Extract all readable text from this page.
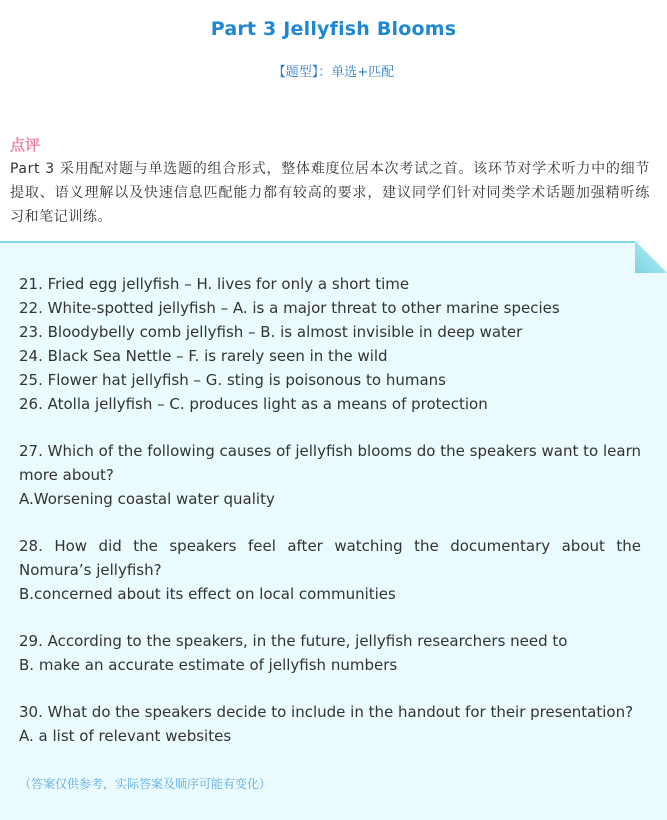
Part 3 Jellyfish Blooms
【题型】：单选+匹配
点评
Part 3 采用配对题与单选题的组合形式，整体难度位居本次考试之首。该环节对学术听力中的细节提取、语义理解以及快速信息匹配能力都有较高的要求，建议同学们针对同类学术话题加强精听练习和笔记训练。
21. Fried egg jellyfish – H. lives for only a short time
22. White-spotted jellyfish – A. is a major threat to other marine species
23. Bloodybelly comb jellyfish – B. is almost invisible in deep water
24. Black Sea Nettle – F. is rarely seen in the wild
25. Flower hat jellyfish – G. sting is poisonous to humans
26. Atolla jellyfish – C. produces light as a means of protection
27. Which of the following causes of jellyfish blooms do the speakers want to learn more about?
A.Worsening coastal water quality
28. How did the speakers feel after watching the documentary about the Nomura’s jellyfish?
B.concerned about its effect on local communities
29. According to the speakers, in the future, jellyfish researchers need to
B. make an accurate estimate of jellyfish numbers
30. What do the speakers decide to include in the handout for their presentation?
A. a list of relevant websites
（答案仅供参考，实际答案及顺序可能有变化）
